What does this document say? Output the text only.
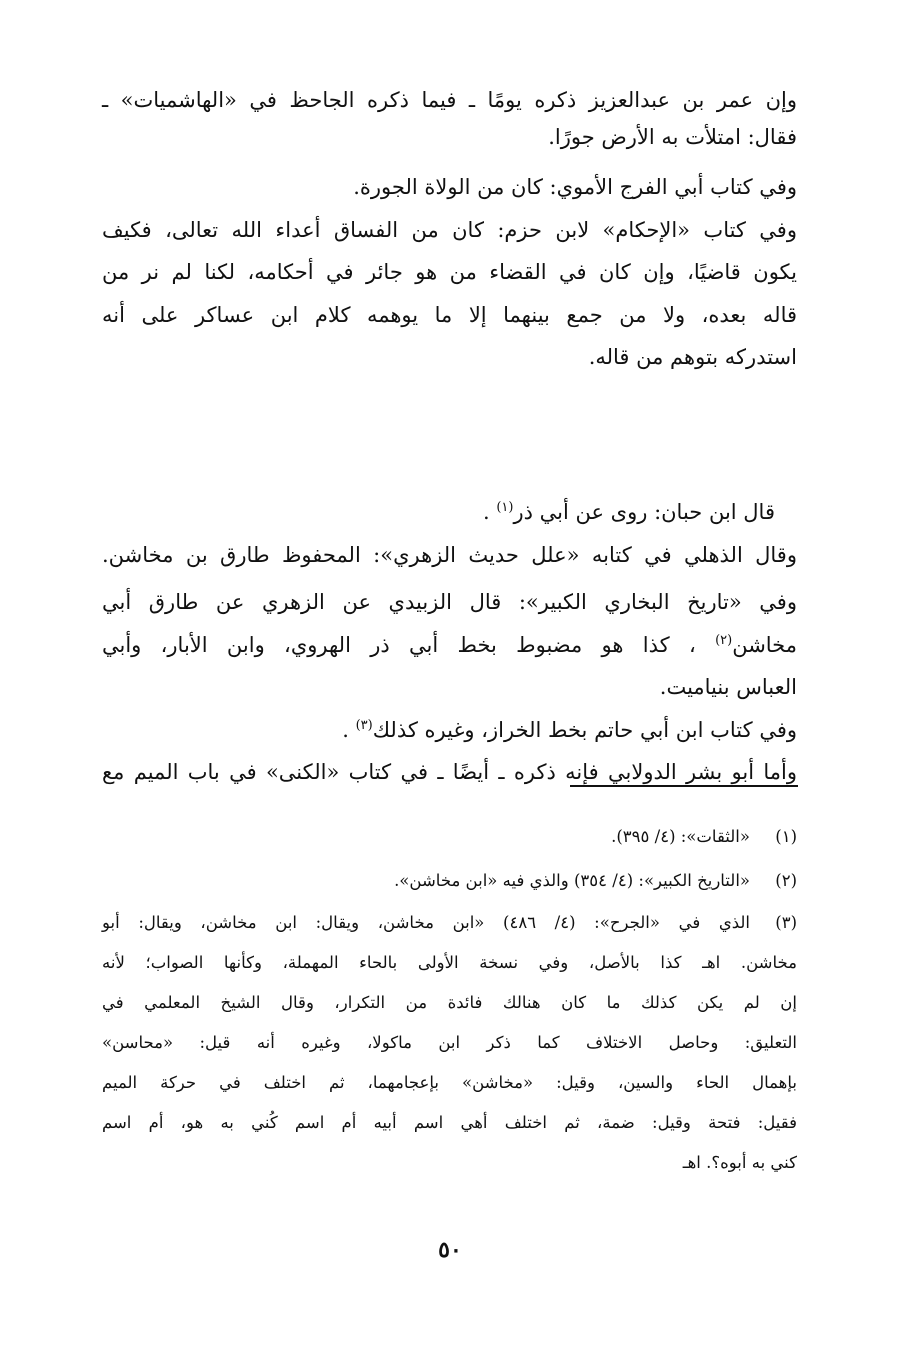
وإن عمر بن عبدالعزيز ذكره يومًا ـ فيما ذكره الجاحظ في «الهاشميات» ـ
فقال: امتلأت به الأرض جورًا.
وفي كتاب أبي الفرج الأموي: كان من الولاة الجورة.
وفي كتاب «الإحكام» لابن حزم: كان من الفساق أعداء الله تعالى، فكيف
يكون قاضيًا، وإن كان في القضاء من هو جائر في أحكامه، لكنا لم نر من
قاله بعده، ولا من جمع بينهما إلا ما يوهمه كلام ابن عساكر على أنه
استدركه بتوهم من قاله.
قال ابن حبان: روى عن أبي ذر$^{(١)}$ .
وقال الذهلي في كتابه «علل حديث الزهري»: المحفوظ طارق بن مخاشن.
وفي «تاريخ البخاري الكبير»: قال الزبيدي عن الزهري عن طارق أبي
مخاشن$^{(٢)}$ ، كذا هو مضبوط بخط أبي ذر الهروي، وابن الأبار، وأبي
العباس بنياميت.
وفي كتاب ابن أبي حاتم بخط الخراز، وغيره كذلك$^{(٣)}$ .
وأما أبو بشر الدولابي فإنه ذكره ـ أيضًا ـ في كتاب «الكنى» في باب الميم مع
(١)
«الثقات»: (٤/ ٣٩٥).
(٢)
«التاريخ الكبير»: (٤/ ٣٥٤) والذي فيه «ابن مخاشن».
(٣)
الذي في «الجرح»: (٤/ ٤٨٦) «ابن مخاشن، ويقال: ابن مخاشن، ويقال: أبو
مخاشن. اهـ كذا بالأصل، وفي نسخة الأولى بالحاء المهملة، وكأنها الصواب؛ لأنه
إن لم يكن كذلك ما كان هنالك فائدة من التكرار، وقال الشيخ المعلمي في
التعليق: وحاصل الاختلاف كما ذكر ابن ماكولا، وغيره أنه قيل: «محاسن»
بإهمال الحاء والسين، وقيل: «مخاشن» بإعجامهما، ثم اختلف في حركة الميم
فقيل: فتحة وقيل: ضمة، ثم اختلف أهي اسم أبيه أم اسم كُني به هو، أم اسم
كني به أبوه؟. اهـ
٥٠
